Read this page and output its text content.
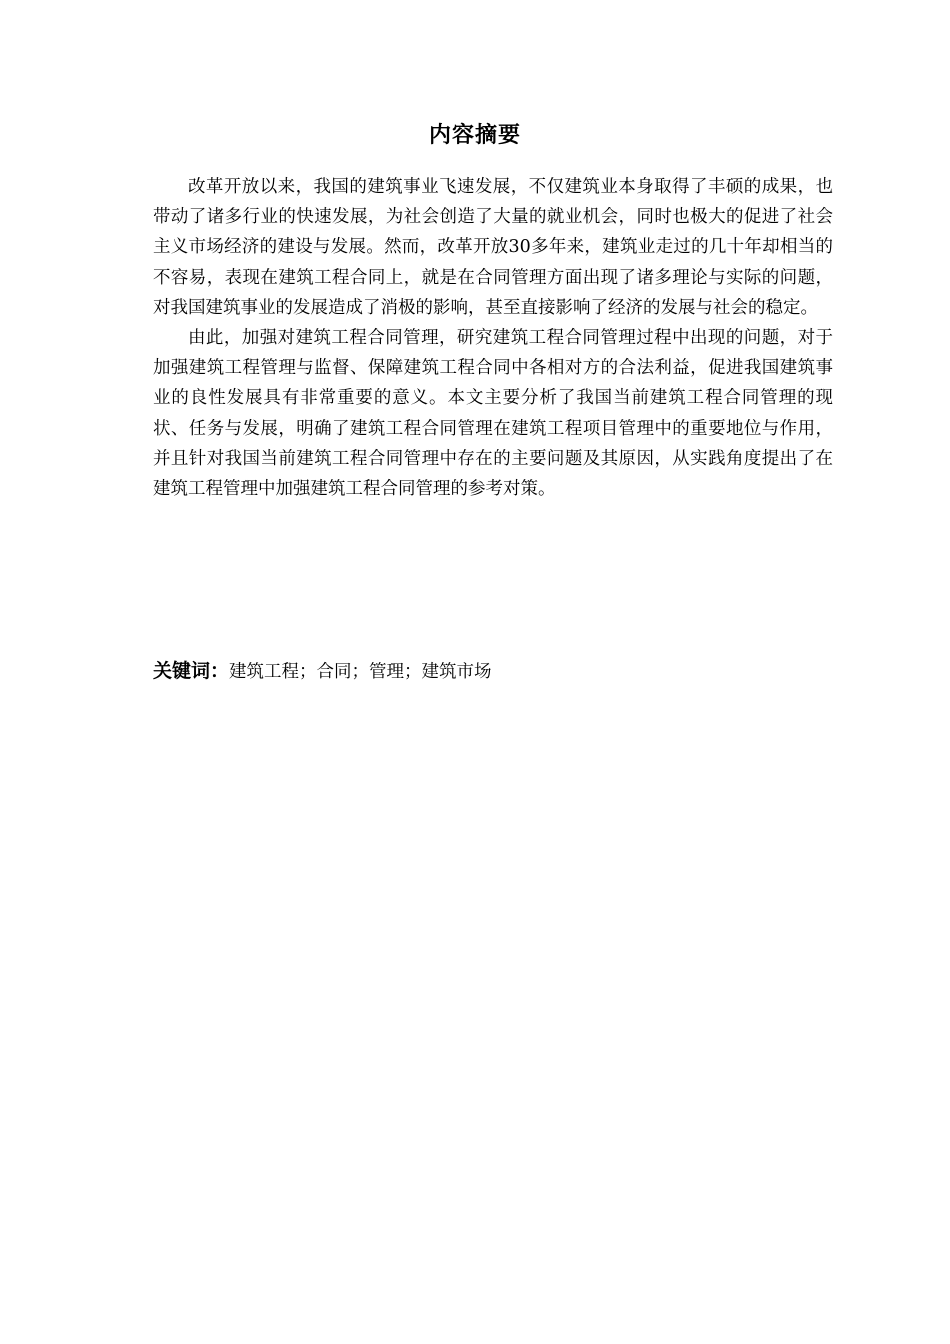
内容摘要

改革开放以来，我国的建筑事业飞速发展，不仅建筑业本身取得了丰硕的成果，也带动了诸多行业的快速发展，为社会创造了大量的就业机会，同时也极大的促进了社会主义市场经济的建设与发展。然而，改革开放30多年来，建筑业走过的几十年却相当的不容易，表现在建筑工程合同上，就是在合同管理方面出现了诸多理论与实际的问题，对我国建筑事业的发展造成了消极的影响，甚至直接影响了经济的发展与社会的稳定。

由此，加强对建筑工程合同管理，研究建筑工程合同管理过程中出现的问题，对于加强建筑工程管理与监督、保障建筑工程合同中各相对方的合法利益，促进我国建筑事业的良性发展具有非常重要的意义。本文主要分析了我国当前建筑工程合同管理的现状、任务与发展，明确了建筑工程合同管理在建筑工程项目管理中的重要地位与作用，并且针对我国当前建筑工程合同管理中存在的主要问题及其原因，从实践角度提出了在建筑工程管理中加强建筑工程合同管理的参考对策。

关键词：建筑工程；合同；管理；建筑市场
